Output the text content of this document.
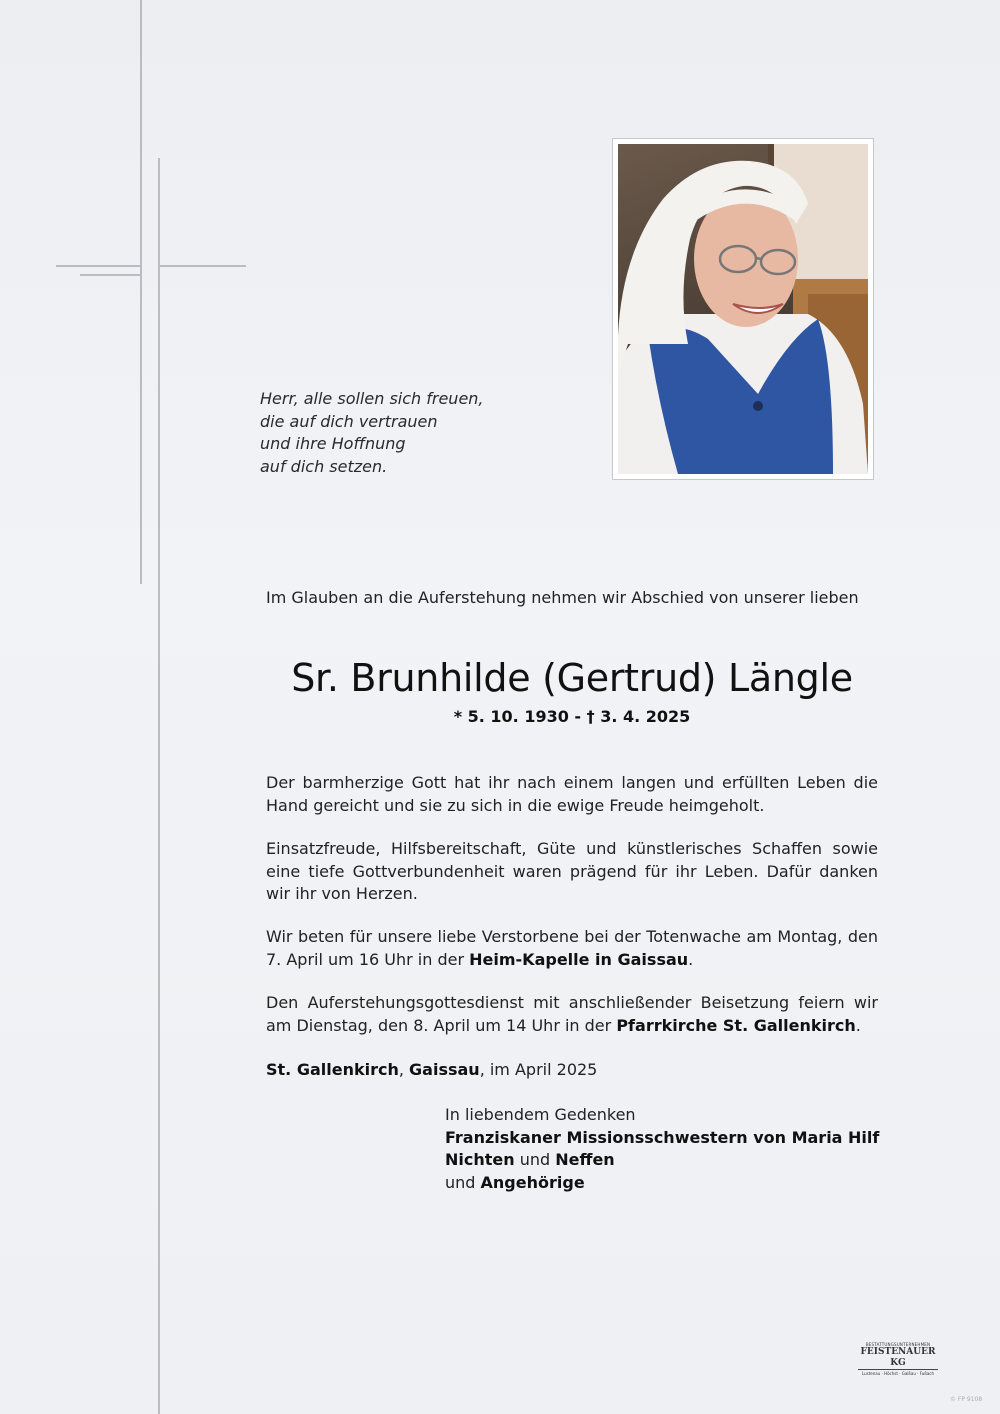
Herr, alle sollen sich freuen,
die auf dich vertrauen
und ihre Hoffnung
auf dich setzen.
Im Glauben an die Auferstehung nehmen wir Abschied von unserer lieben
Sr. Brunhilde (Gertrud) Längle
* 5. 10. 1930 - † 3. 4. 2025
Der barmherzige Gott hat ihr nach einem langen und erfüllten Leben die Hand gereicht und sie zu sich in die ewige Freude heimgeholt.
Einsatzfreude, Hilfsbereitschaft, Güte und künstlerisches Schaffen sowie eine tiefe Gottverbundenheit waren prägend für ihr Leben. Dafür danken wir ihr von Herzen.
Wir beten für unsere liebe Verstorbene bei der Totenwache am Montag, den 7. April um 16 Uhr in der Heim-Kapelle in Gaissau.
Den Auferstehungsgottesdienst mit anschließender Beisetzung feiern wir am Dienstag, den 8. April um 14 Uhr in der Pfarrkirche St. Gallenkirch.
St. Gallenkirch, Gaissau, im April 2025
In liebendem Gedenken
Franziskaner Missionsschwestern von Maria Hilf
Nichten und Neffen
und Angehörige
BESTATTUNGSUNTERNEHMEN
FEISTENAUER KG
Lustenau · Höchst · Gaißau · Fußach
© FP 9108
